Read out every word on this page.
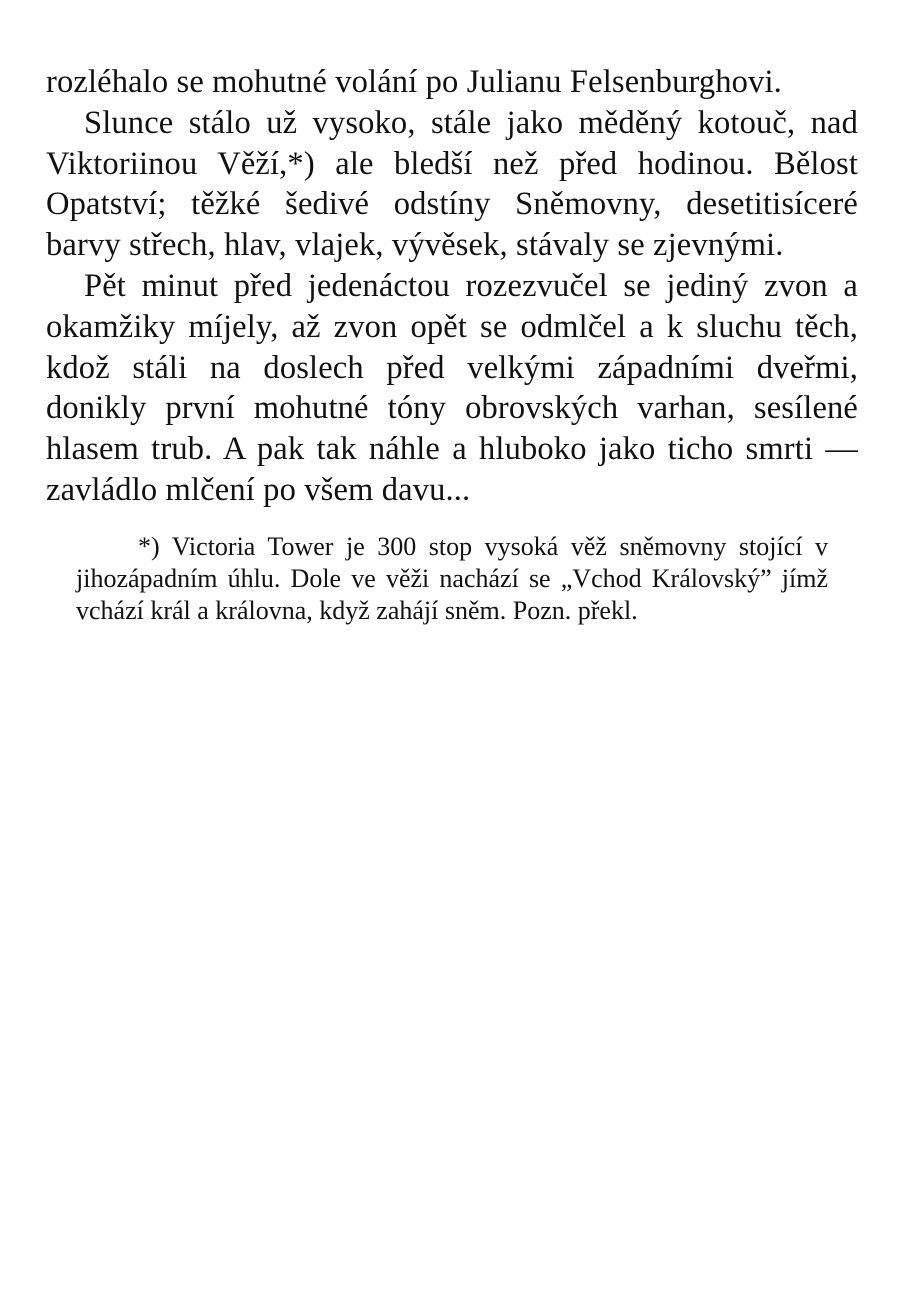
rozléhalo se mohutné volání po Julianu Felsenburghovi.

Slunce stálo už vysoko, stále jako měděný kotouč, nad Viktoriinou Věží,*) ale bledší než před hodinou. Bělost Opatství; těžké šedivé odstíny Sněmovny, desetitisíceré barvy střech, hlav, vlajek, vývěsek, stávaly se zjevnými.

Pět minut před jedenáctou rozezvučel se jediný zvon a okamžiky míjely, až zvon opět se odmlčel a k sluchu těch, kdož stáli na doslech před velkými západními dveřmi, donikly první mohutné tóny obrovských varhan, sesílené hlasem trub. A pak tak náhle a hluboko jako ticho smrti — zavládlo mlčení po všem davu...

*) Victoria Tower je 300 stop vysoká věž sněmovny stojící v jihozápadním úhlu. Dole ve věži nachází se „Vchod Královský” jímž vchází král a královna, když zahájí sněm. Pozn. překl.
